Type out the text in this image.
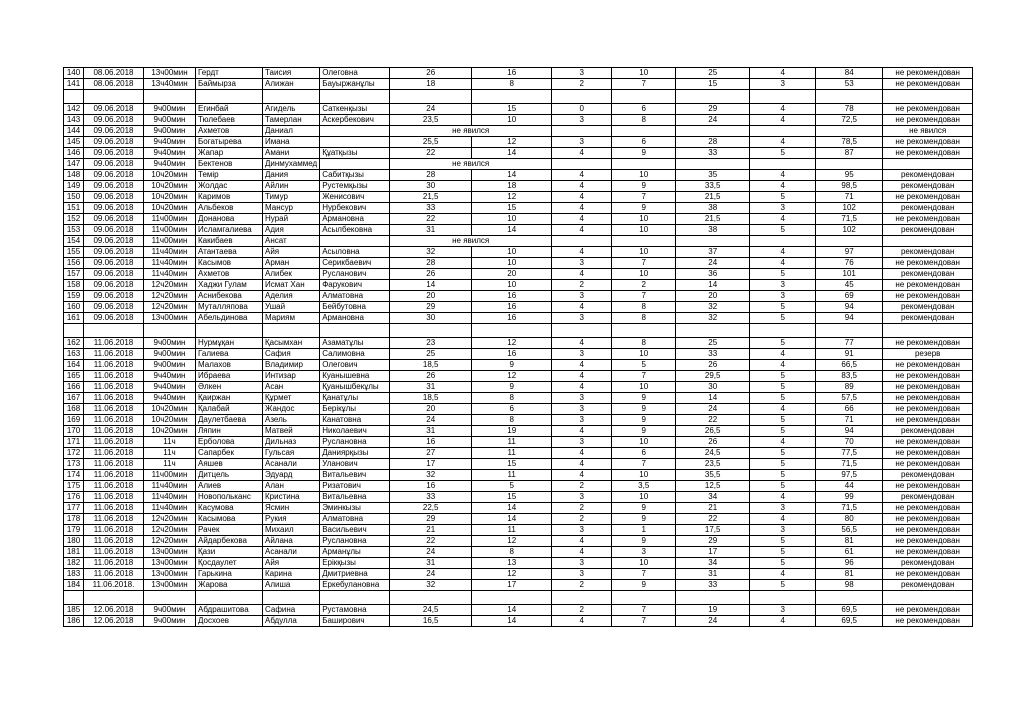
140	08.06.2018	13ч00мин	Гердт	Таисия	Олеговна	26	16	3	10	25	4	84	не рекомендован
141	08.06.2018	13ч40мин	Баймырза	Алижан	Бауыржанұлы	18	8	2	7	15	3	53	не рекомендован

142	09.06.2018	9ч00мин	Егинбай	Агидель	Саткенқызы	24	15	0	6	29	4	78	не рекомендован
143	09.06.2018	9ч00мин	Тюлебаев	Тамерлан	Аскербекович	23,5	10	3	8	24	4	72,5	не рекомендован
144	09.06.2018	9ч00мин	Ахметов	Даниал		не явился							не явился
145	09.06.2018	9ч40мин	Богатырева	Имана		25,5	12	3	6	28	4	78,5	не рекомендован
146	09.06.2018	9ч40мин	Жапар	Амани	Құатқызы	22	14	4	9	33	5	87	не рекомендован
147	09.06.2018	9ч40мин	Бектенов	Динмухаммед		не явился							
148	09.06.2018	10ч20мин	Темір	Дания	Сабитқызы	28	14	4	10	35	4	95	рекомендован
149	09.06.2018	10ч20мин	Жолдас	Айлин	Рустемқызы	30	18	4	9	33,5	4	98,5	рекомендован
150	09.06.2018	10ч20мин	Каримов	Тимур	Женисович	21,5	12	4	7	21,5	5	71	не рекомендован
151	09.06.2018	10ч20мин	Альбеков	Мансур	Нурбекович	33	15	4	9	38	3	102	рекомендован
152	09.06.2018	11ч00мин	Донанова	Нурай	Армановна	22	10	4	10	21,5	4	71,5	не рекомендован
153	09.06.2018	11ч00мин	Исламгалиева	Адия	Асылбековна	31	14	4	10	38	5	102	рекомендован
154	09.06.2018	11ч00мин	Какибаев	Ансат		не явился							
155	09.06.2018	11ч40мин	Атантаева	Айя	Асыловна	32	10	4	10	37	4	97	рекомендован
156	09.06.2018	11ч40мин	Касымов	Арман	Серикбаевич	28	10	3	7	24	4	76	не рекомендован
157	09.06.2018	11ч40мин	Ахметов	Алибек	Русланович	26	20	4	10	36	5	101	рекомендован
158	09.06.2018	12ч20мин	Хаджи Гулам	Исмат Хан	Фарукович	14	10	2	2	14	3	45	не рекомендован
159	09.06.2018	12ч20мин	Аснибекова	Аделия	Алматовна	20	16	3	7	20	3	69	не рекомендован
160	09.06.2018	12ч20мин	Муталляпова	Ушай	Бейбутовна	29	16	4	8	32	5	94	рекомендован
161	09.06.2018	13ч00мин	Абельдинова	Мариям	Армановна	30	16	3	8	32	5	94	рекомендован

162	11.06.2018	9ч00мин	Нурмұқан	Қасымхан	Азаматұлы	23	12	4	8	25	5	77	не рекомендован
163	11.06.2018	9ч00мин	Галиева	Сафия	Салимовна	25	16	3	10	33	4	91	резерв
164	11.06.2018	9ч00мин	Малахов	Владимир	Олегович	18,5	9	4	5	26	4	66,5	не рекомендован
165	11.06.2018	9ч40мин	Ибраева	Интизар	Куанышевна	26	12	4	7	29,5	5	83,5	не рекомендован
166	11.06.2018	9ч40мин	Әлкен	Асан	Қуанышбекұлы	31	9	4	10	30	5	89	не рекомендован
167	11.06.2018	9ч40мин	Қаиржан	Құрмет	Қанатұлы	18,5	8	3	9	14	5	57,5	не рекомендован
168	11.06.2018	10ч20мин	Қалабай	Жандос	Берікұлы	20	6	3	9	24	4	66	не рекомендован
169	11.06.2018	10ч20мин	Даулетбаева	Азель	Канатовна	24	8	3	9	22	5	71	не рекомендован
170	11.06.2018	10ч20мин	Ляпин	Матвей	Николаевич	31	19	4	9	26,5	5	94	рекомендован
171	11.06.2018	11ч	Ерболова	Дильназ	Руслановна	16	11	3	10	26	4	70	не рекомендован
172	11.06.2018	11ч	Сапарбек	Гульсая	Даниярқызы	27	11	4	6	24,5	5	77,5	не рекомендован
173	11.06.2018	11ч	Аяшев	Асанали	Уланович	17	15	4	7	23,5	5	71,5	не рекомендован
174	11.06.2018	11ч00мин	Дитцель	Эдуард	Витальевич	32	11	4	10	35,5	5	97,5	рекомендован
175	11.06.2018	11ч40мин	Алиев	Алан	Ризатович	16	5	2	3,5	12,5	5	44	не рекомендован
176	11.06.2018	11ч40мин	Новопольканс	Кристина	Витальевна	33	15	3	10	34	4	99	рекомендован
177	11.06.2018	11ч40мин	Касумова	Ясмин	Эминкызы	22,5	14	2	9	21	3	71,5	не рекомендован
178	11.06.2018	12ч20мин	Касымова	Рукия	Алматовна	29	14	2	9	22	4	80	не рекомендован
179	11.06.2018	12ч20мин	Рачек	Михаил	Васильевич	21	11	3	1	17,5	3	56,5	не рекомендован
180	11.06.2018	12ч20мин	Айдарбекова	Айлана	Руслановна	22	12	4	9	29	5	81	не рекомендован
181	11.06.2018	13ч00мин	Қази	Асанали	Арманұлы	24	8	4	3	17	5	61	не рекомендован
182	11.06.2018	13ч00мин	Қосдаулет	Айя	Ерікқызы	31	13	3	10	34	5	96	рекомендован
183	11.06.2018	13ч00мин	Гарькина	Карина	Дмитриевна	24	12	3	7	31	4	81	не рекомендован
184	11.06.2018.	13ч00мин	Жарова	Алиша	Еркебулановна	32	17	2	9	33	5	98	рекомендован

185	12.06.2018	9ч00мин	Абдрашитова	Сафина	Рустамовна	24,5	14	2	7	19	3	69,5	не рекомендован
186	12.06.2018	9ч00мин	Досхоев	Абдулла	Баширович	16,5	14	4	7	24	4	69,5	не рекомендован
